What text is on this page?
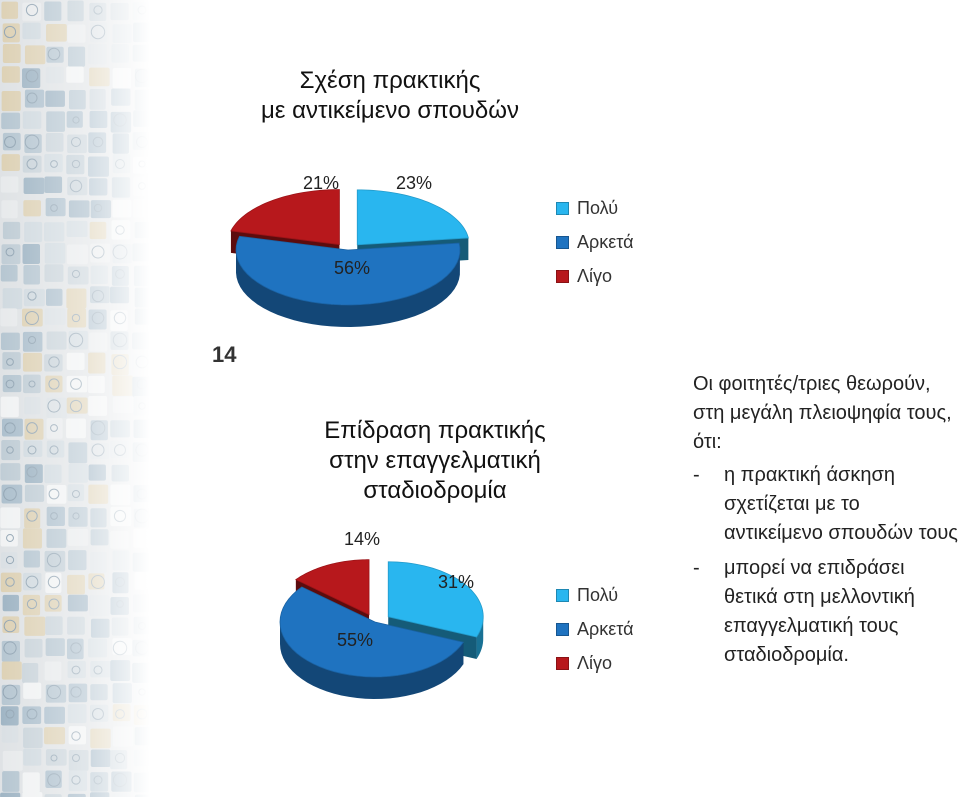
14
Σχέση πρακτικής
με αντικείμενο σπουδών
23%
56%
21%
Πολύ
Αρκετά
Λίγο
Επίδραση πρακτικής
στην επαγγελματική
σταδιοδρομία
31%
55%
14%
Πολύ
Αρκετά
Λίγο

Οι φοιτητές/τριες θεωρούν, στη μεγάλη πλειοψηφία τους, ότι:

- η πρακτική άσκηση σχετίζεται με το αντικείμενο σπουδών τους
- μπορεί να επιδράσει θετικά στη μελλοντική επαγγελματική τους σταδιοδρομία.
